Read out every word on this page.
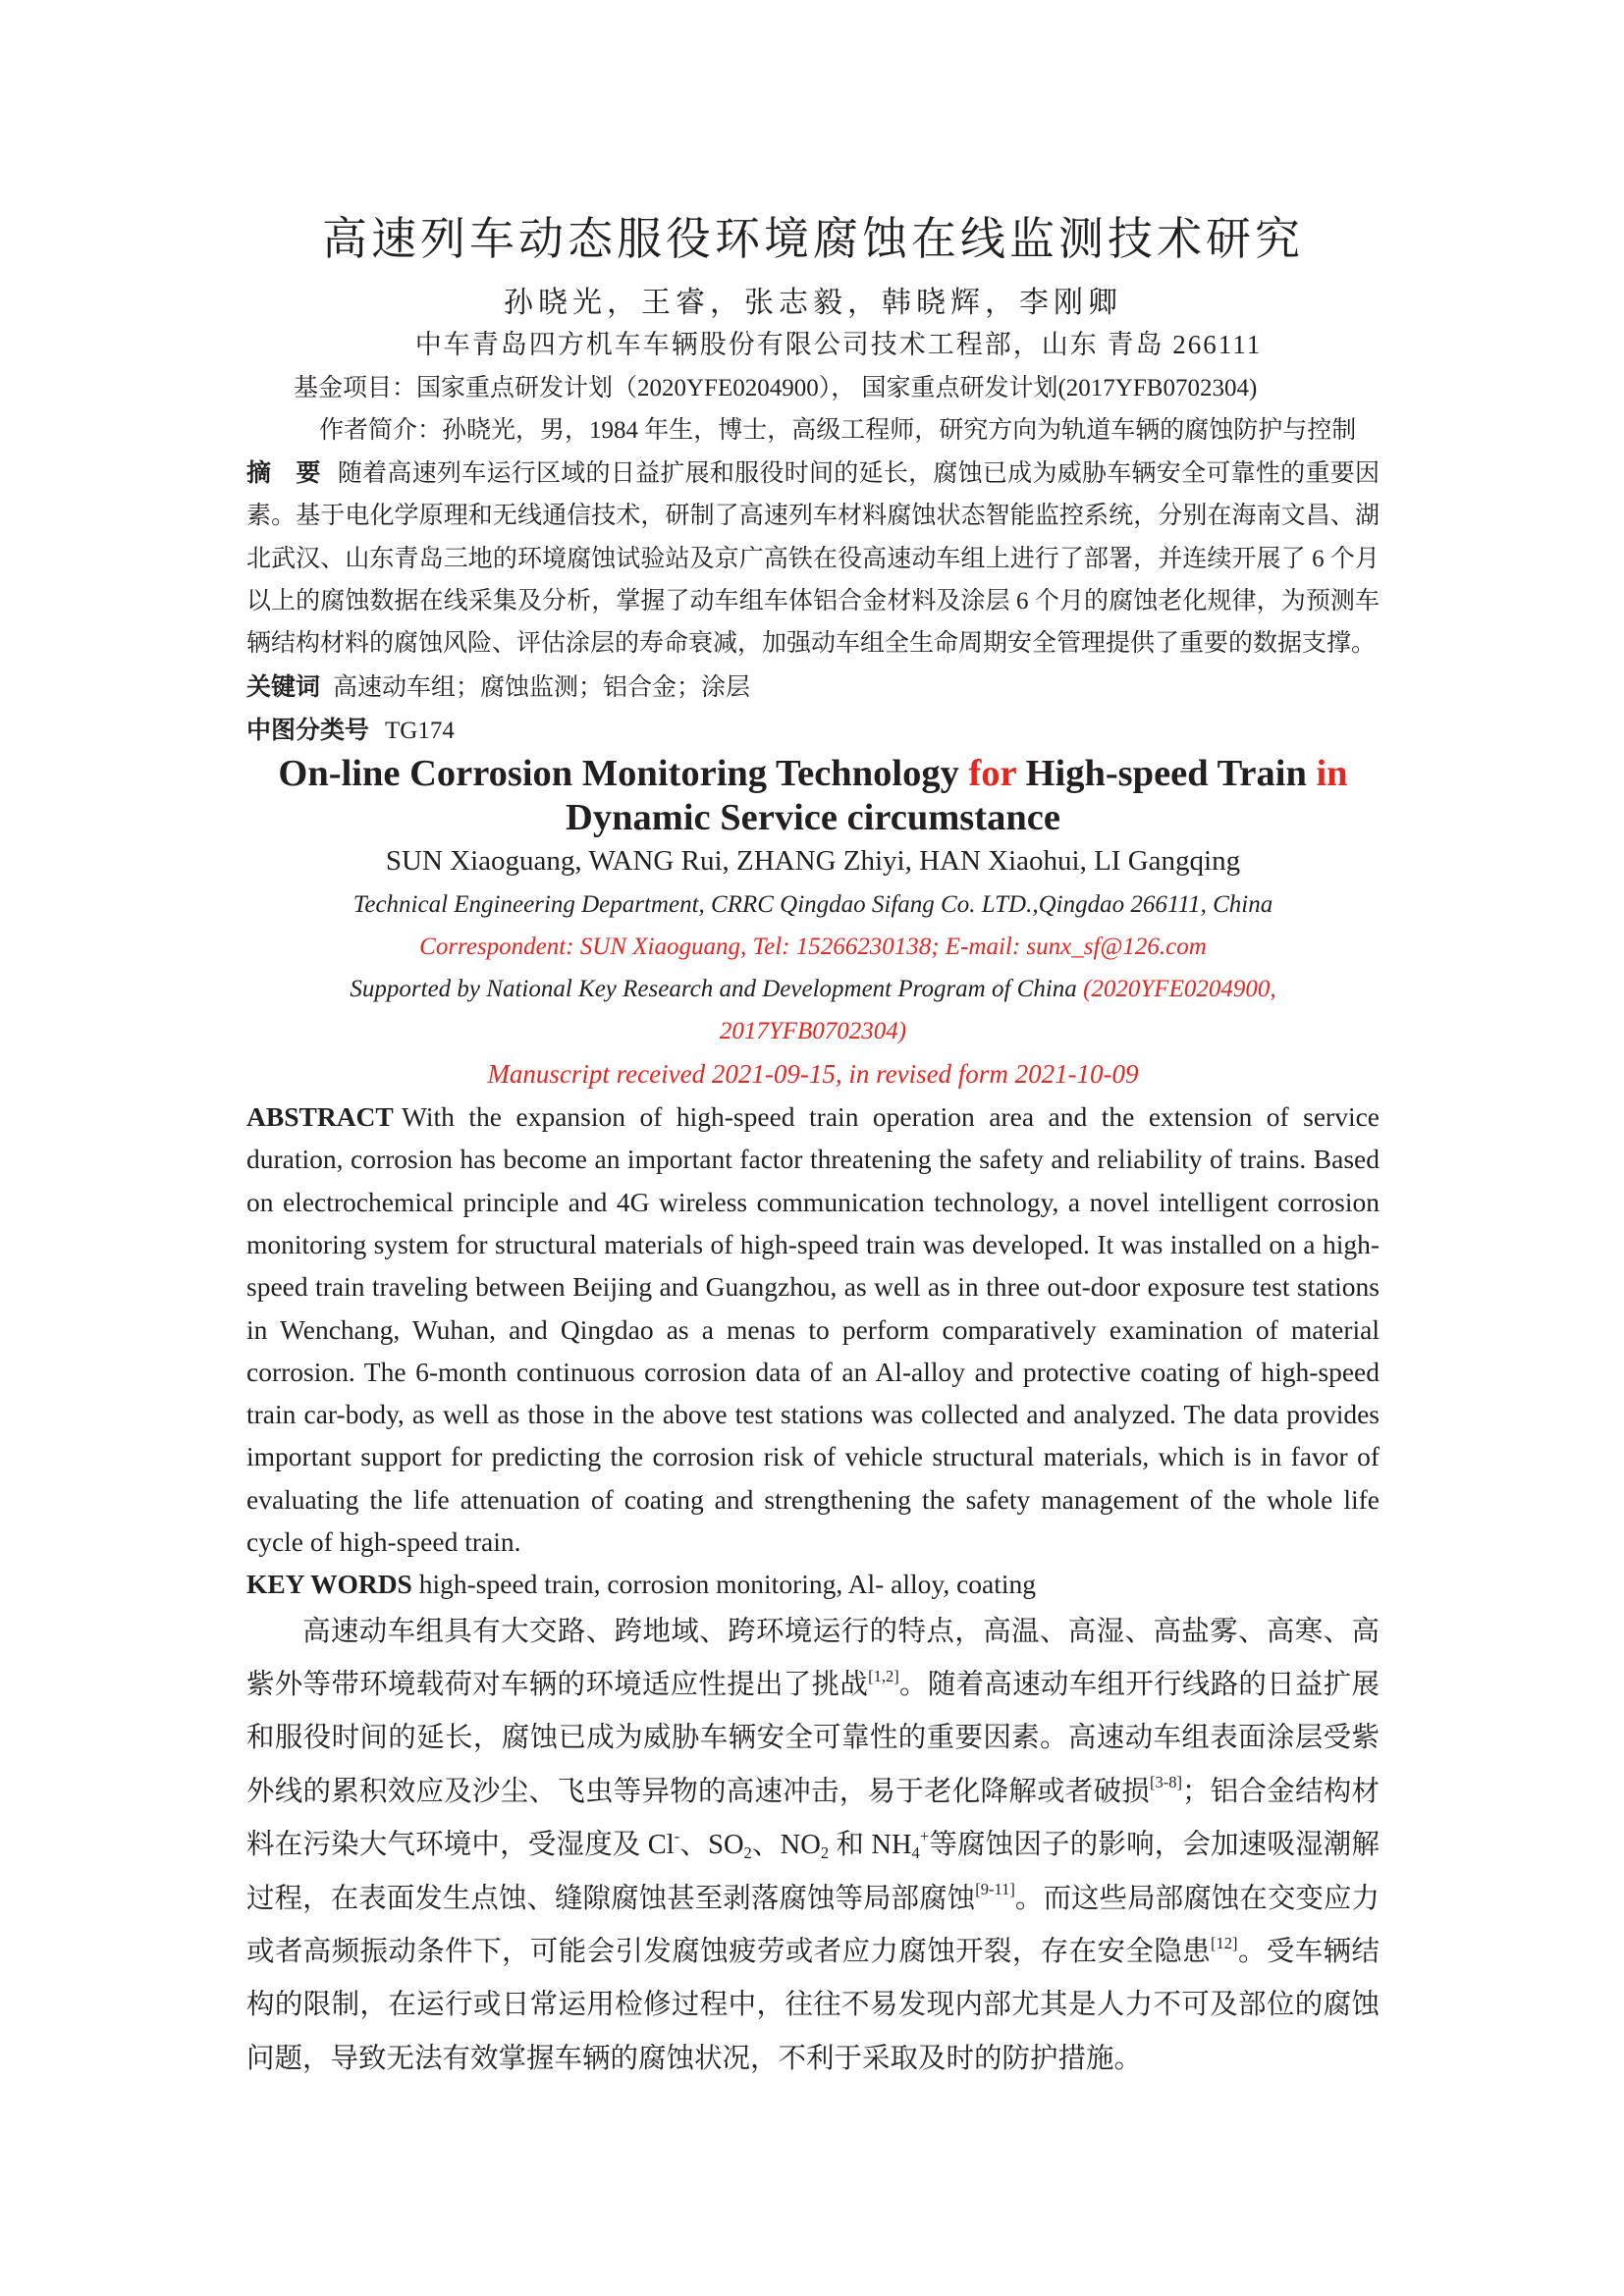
高速列车动态服役环境腐蚀在线监测技术研究

孙晓光，王睿，张志毅，韩晓辉，李刚卿

中车青岛四方机车车辆股份有限公司技术工程部，山东 青岛 266111

基金项目：国家重点研发计划（2020YFE0204900）， 国家重点研发计划(2017YFB0702304)

作者简介：孙晓光，男，1984 年生，博士，高级工程师，研究方向为轨道车辆的腐蚀防护与控制

摘　要 随着高速列车运行区域的日益扩展和服役时间的延长，腐蚀已成为威胁车辆安全可靠性的重要因素。基于电化学原理和无线通信技术，研制了高速列车材料腐蚀状态智能监控系统，分别在海南文昌、湖北武汉、山东青岛三地的环境腐蚀试验站及京广高铁在役高速动车组上进行了部署，并连续开展了 6 个月以上的腐蚀数据在线采集及分析，掌握了动车组车体铝合金材料及涂层 6 个月的腐蚀老化规律，为预测车辆结构材料的腐蚀风险、评估涂层的寿命衰减，加强动车组全生命周期安全管理提供了重要的数据支撑。

关键词 高速动车组；腐蚀监测；铝合金；涂层

中图分类号 TG174

On-line Corrosion Monitoring Technology for High-speed Train in
Dynamic Service circumstance

SUN Xiaoguang, WANG Rui, ZHANG Zhiyi, HAN Xiaohui, LI Gangqing

Technical Engineering Department, CRRC Qingdao Sifang Co. LTD.,Qingdao 266111, China

Correspondent: SUN Xiaoguang, Tel: 15266230138; E-mail: sunx_sf@126.com

Supported by National Key Research and Development Program of China (2020YFE0204900,
2017YFB0702304)

Manuscript received 2021-09-15, in revised form 2021-10-09

ABSTRACT With the expansion of high-speed train operation area and the extension of service duration, corrosion has become an important factor threatening the safety and reliability of trains. Based on electrochemical principle and 4G wireless communication technology, a novel intelligent corrosion monitoring system for structural materials of high-speed train was developed. It was installed on a high-speed train traveling between Beijing and Guangzhou, as well as in three out-door exposure test stations in Wenchang, Wuhan, and Qingdao as a menas to perform comparatively examination of material corrosion. The 6-month continuous corrosion data of an Al-alloy and protective coating of high-speed train car-body, as well as those in the above test stations was collected and analyzed. The data provides important support for predicting the corrosion risk of vehicle structural materials, which is in favor of evaluating the life attenuation of coating and strengthening the safety management of the whole life cycle of high-speed train.

KEY WORDS high-speed train, corrosion monitoring, Al- alloy, coating

高速动车组具有大交路、跨地域、跨环境运行的特点，高温、高湿、高盐雾、高寒、高紫外等带环境载荷对车辆的环境适应性提出了挑战[1,2]。随着高速动车组开行线路的日益扩展和服役时间的延长，腐蚀已成为威胁车辆安全可靠性的重要因素。高速动车组表面涂层受紫外线的累积效应及沙尘、飞虫等异物的高速冲击，易于老化降解或者破损[3-8]；铝合金结构材料在污染大气环境中，受湿度及 Cl-、$SO_2$、$NO_2$ 和 $NH_4^+$等腐蚀因子的影响，会加速吸湿潮解过程，在表面发生点蚀、缝隙腐蚀甚至剥落腐蚀等局部腐蚀[9-11]。而这些局部腐蚀在交变应力或者高频振动条件下，可能会引发腐蚀疲劳或者应力腐蚀开裂，存在安全隐患[12]。受车辆结构的限制，在运行或日常运用检修过程中，往往不易发现内部尤其是人力不可及部位的腐蚀问题，导致无法有效掌握车辆的腐蚀状况，不利于采取及时的防护措施。
